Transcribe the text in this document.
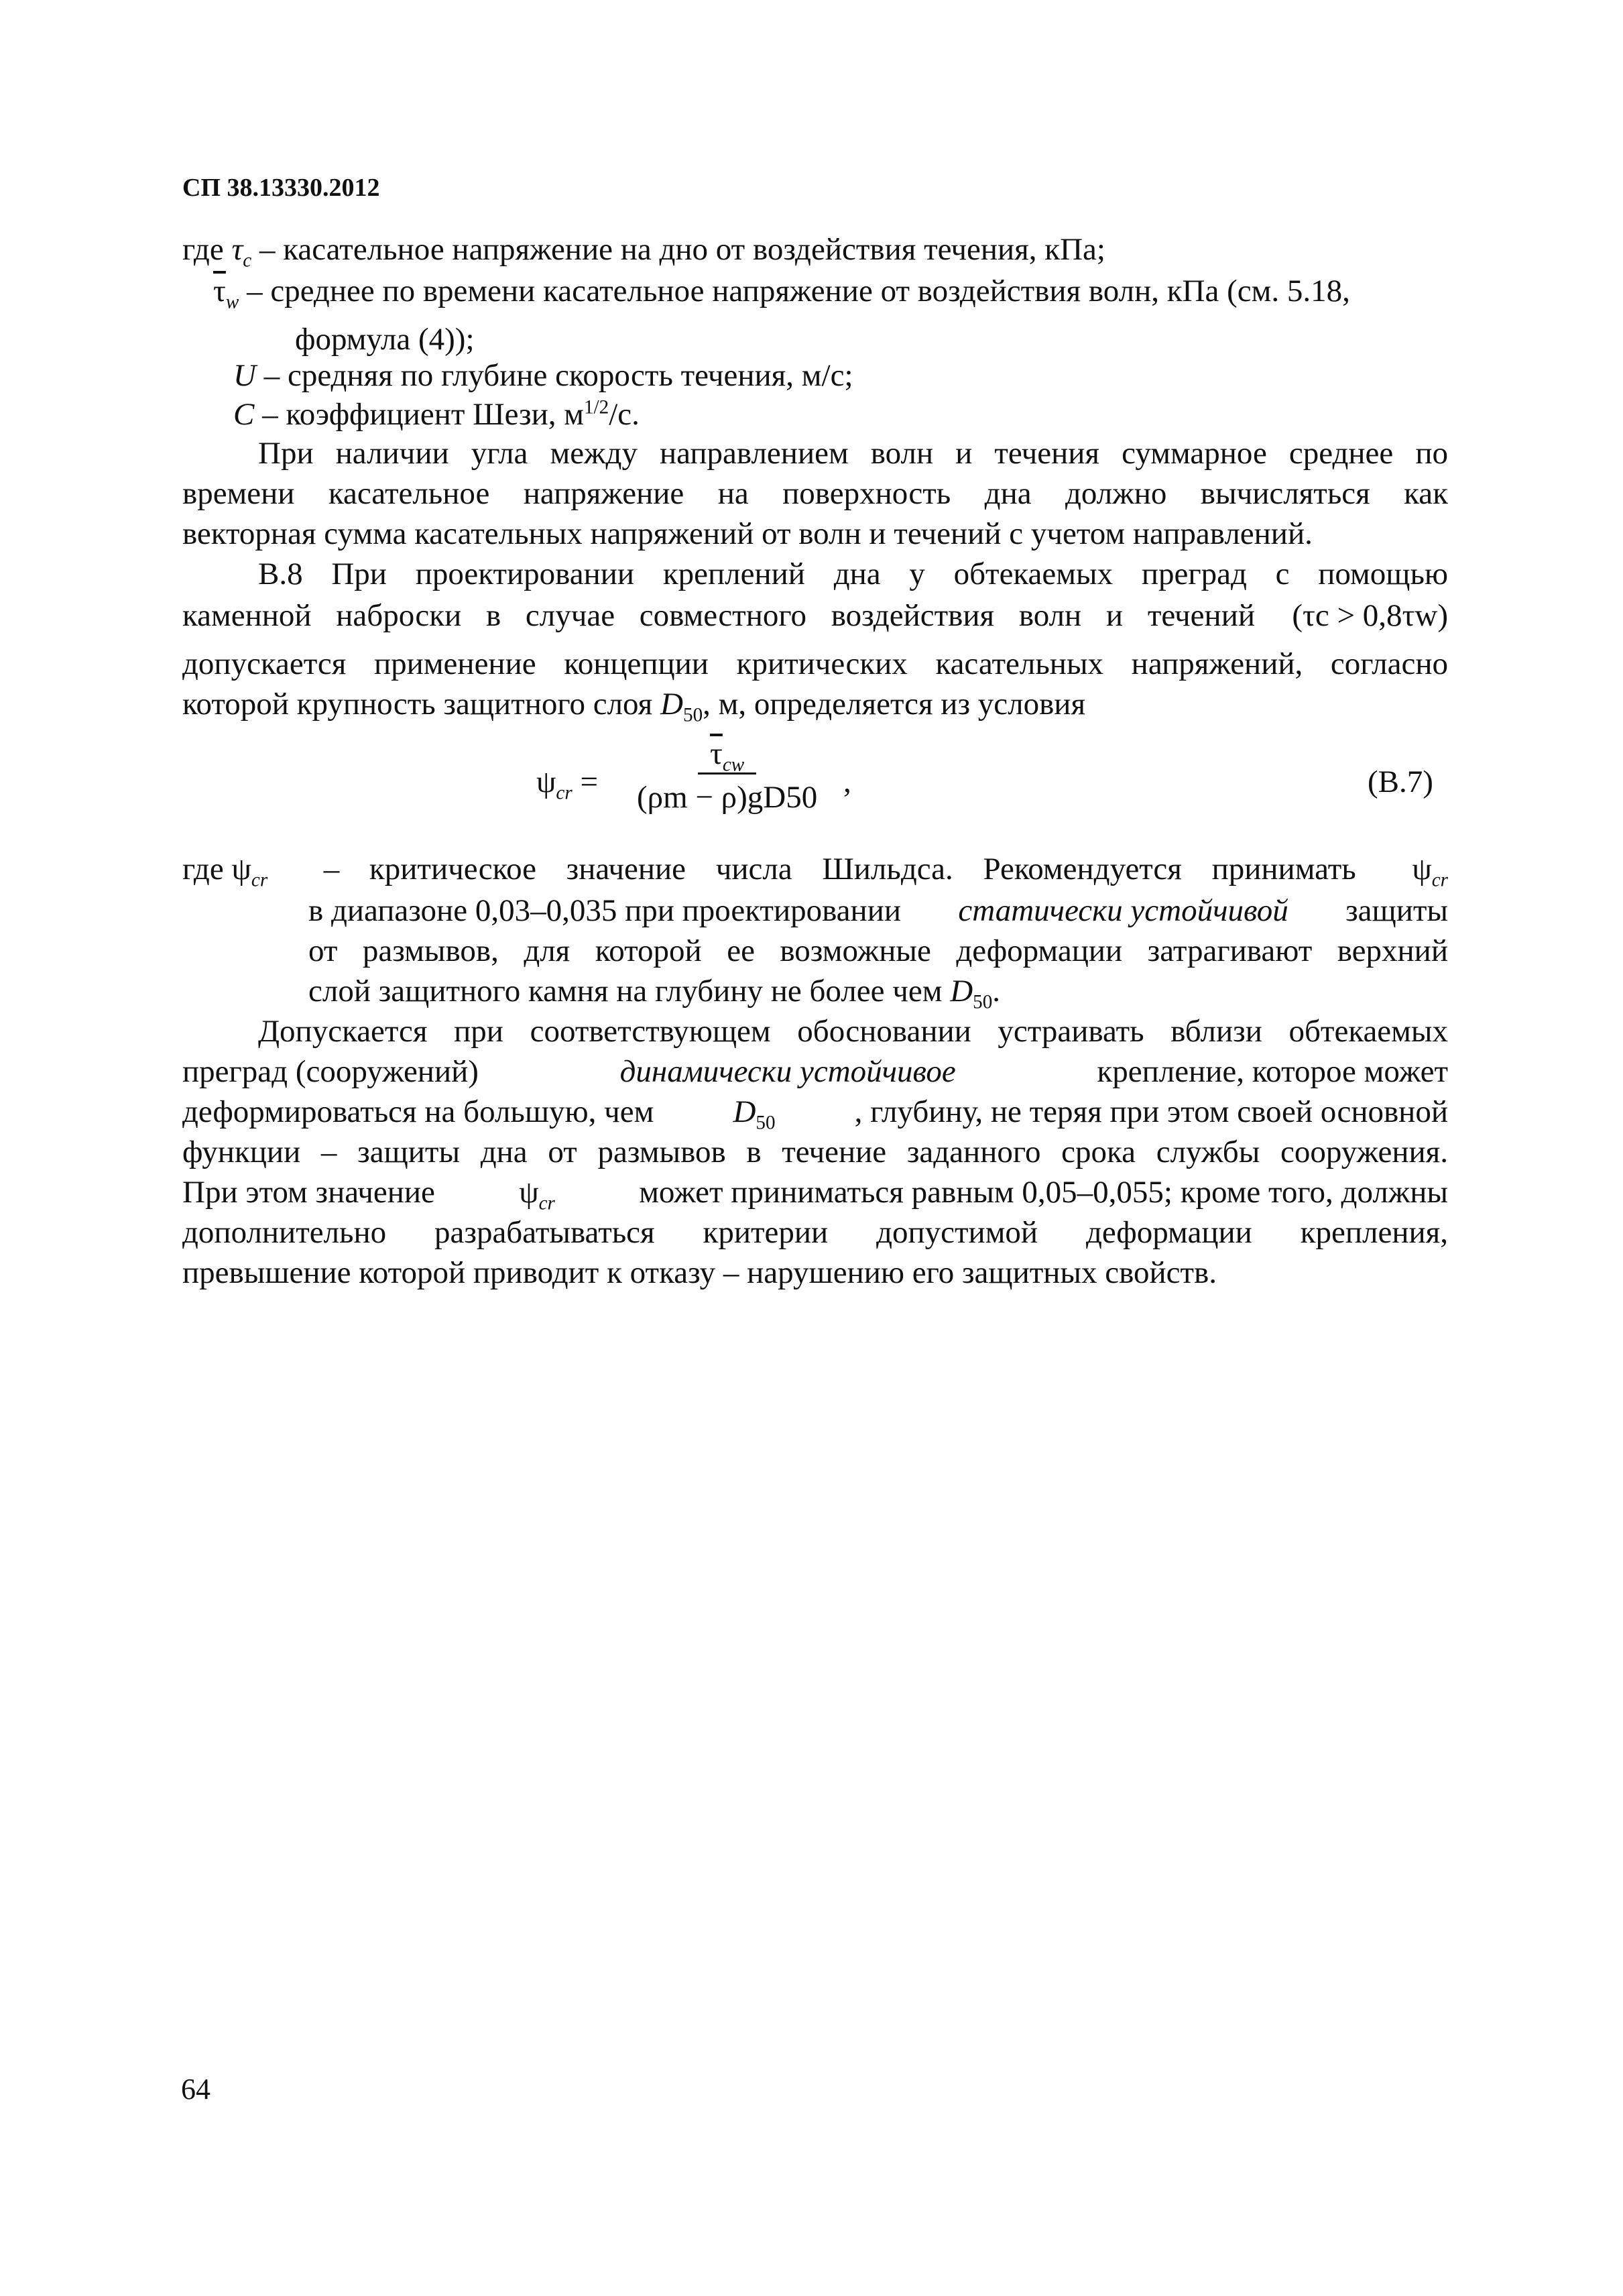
СП 38.13330.2012
где $\tau_c$ – касательное напряжение на дно от воздействия течения, кПа;
$\overline{\tau}_w$ – среднее по времени касательное напряжение от воздействия волн, кПа (см. 5.18,
формула (4));
U – средняя по глубине скорость течения, м/с;
C – коэффициент Шези, $м^{1/2}/с$.
При наличии угла между направлением волн и течения суммарное среднее по
времени касательное напряжение на поверхность дна должно вычисляться как
векторная сумма касательных напряжений от волн и течений с учетом направлений.
В.8 При проектировании креплений дна у обтекаемых преград с помощью
каменной наброски в случае совместного воздействия волн и течений (τc > 0,8τw)
допускается применение концепции критических касательных напряжений, согласно
которой крупность защитного слоя $D_{50}$, м, определяется из условия
$\psi_{cr}$ =
$\overline{\tau}_{cw}$
(ρm − ρ)gD50 ,	(В.7)
где $\psi_{cr}$ – критическое значение числа Шильдса. Рекомендуется принимать $\psi_{cr}$
в диапазоне 0,03–0,035 при проектировании статически устойчивой защиты
от размывов, для которой ее возможные деформации затрагивают верхний
слой защитного камня на глубину не более чем $D_{50}$.
Допускается при соответствующем обосновании устраивать вблизи обтекаемых
преград (сооружений)	динамически устойчивое	крепление, которое может
деформироваться на большую, чем	$D_{50}$	, глубину, не теряя при этом своей основной
функции – защиты дна от размывов в течение заданного срока службы сооружения.
При этом значение	$\psi_{cr}$	может приниматься равным 0,05–0,055; кроме того, должны
дополнительно разрабатываться критерии допустимой деформации крепления,
превышение которой приводит к отказу – нарушению его защитных свойств.
64
